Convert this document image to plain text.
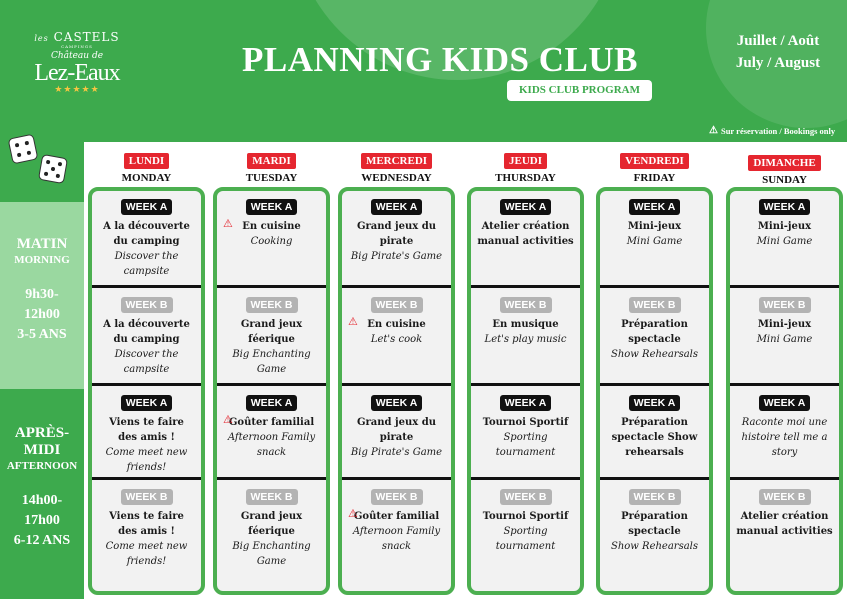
les CASTELS
CAMPINGS
Château de
Lez-Eaux
★★★★★
PLANNING KIDS CLUB
KIDS CLUB PROGRAM
Juillet / Août
July / August
⚠ Sur réservation / Bookings only
MATIN
MORNING
9h30-
12h00
3-5 ANS
APRÈS-
MIDI
AFTERNOON
14h00-
17h00
6-12 ANS
LUNDI
MONDAY
WEEK A
A la découverte du camping
Discover the campsite
WEEK B
A la découverte du camping
Discover the campsite
WEEK A
Viens te faire des amis !
Come meet new friends!
WEEK B
Viens te faire des amis !
Come meet new friends!
MARDI
TUESDAY
WEEK A
⚠ En cuisine
Cooking
WEEK B
Grand jeux féerique
Big Enchanting Game
WEEK A
⚠
Goûter familial
Afternoon Family snack
WEEK B
Grand jeux féerique
Big Enchanting Game
MERCREDI
WEDNESDAY
WEEK A
Grand jeux du pirate
Big Pirate's Game
WEEK B
⚠ En cuisine
Let's cook
WEEK A
Grand jeux du pirate
Big Pirate's Game
WEEK B
⚠
Goûter familial
Afternoon Family snack
JEUDI
THURSDAY
WEEK A
Atelier création manual activities
WEEK B
En musique
Let's play music
WEEK A
Tournoi Sportif
Sporting tournament
WEEK B
Tournoi Sportif
Sporting tournament
VENDREDI
FRIDAY
WEEK A
Mini-jeux
Mini Game
WEEK B
Préparation spectacle
Show Rehearsals
WEEK A
Préparation spectacle Show rehearsals
WEEK B
Préparation spectacle
Show Rehearsals
DIMANCHE
SUNDAY
WEEK A
Mini-jeux
Mini Game
WEEK B
Mini-jeux
Mini Game
WEEK A
Raconte moi une histoire tell me a story
WEEK B
Atelier création manual activities
